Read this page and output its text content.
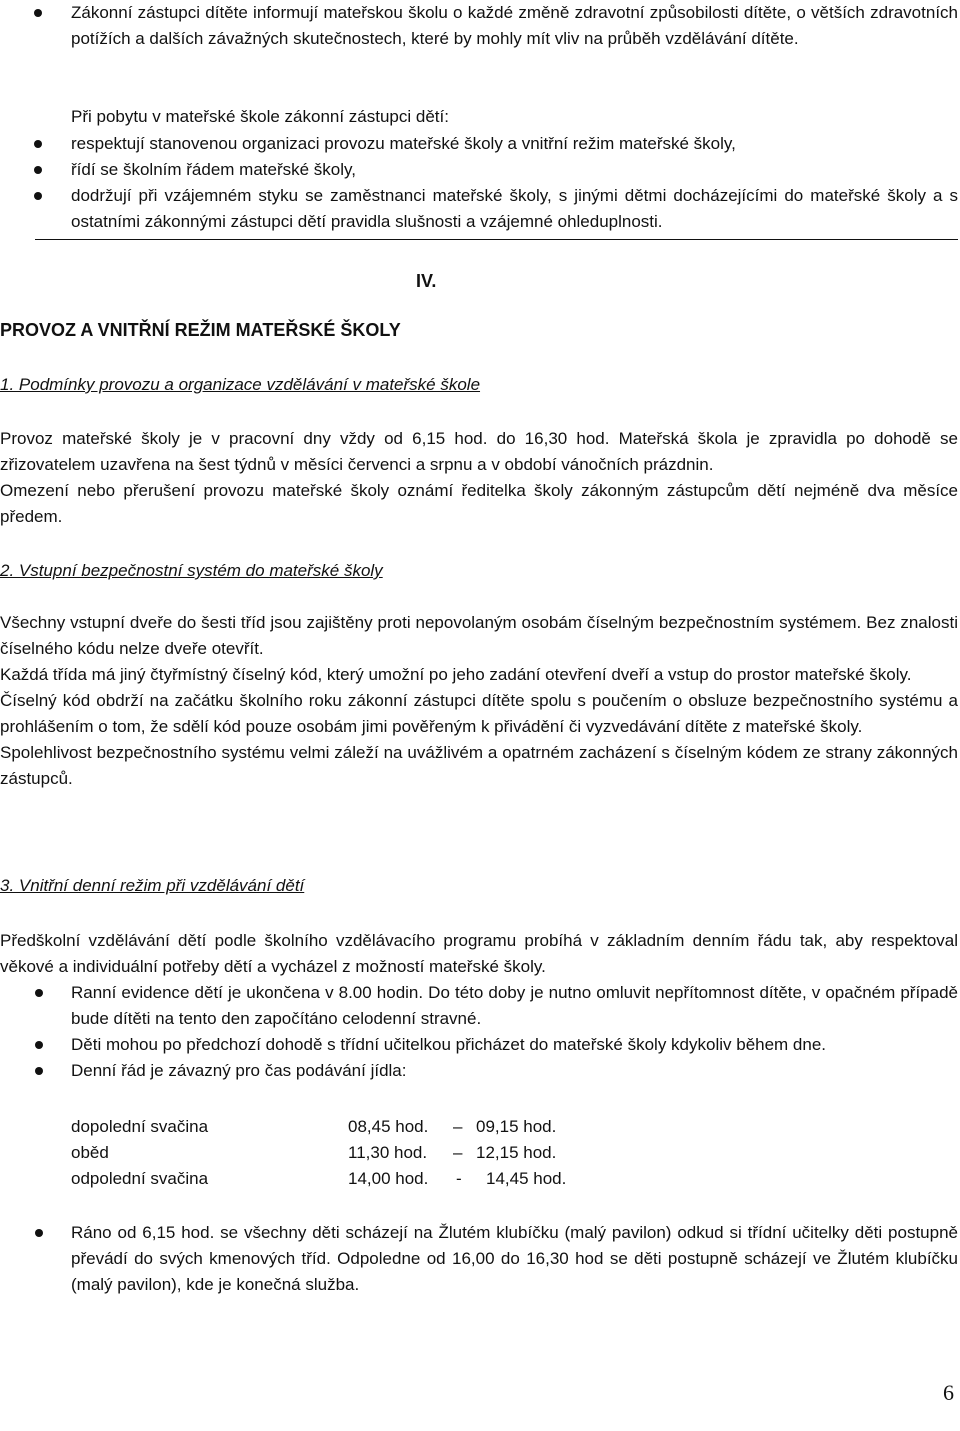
Zákonní zástupci dítěte informují mateřskou školu o každé změně zdravotní způsobilosti dítěte, o větších zdravotních potížích a dalších závažných skutečnostech, které by mohly mít vliv na průběh vzdělávání dítěte.

Při pobytu v mateřské škole zákonní zástupci dětí:

respektují stanovenou organizaci provozu mateřské školy a vnitřní režim mateřské školy,
řídí se školním řádem mateřské školy,
dodržují při vzájemném styku se zaměstnanci mateřské školy, s jinými dětmi docházejícími do mateřské školy a s ostatními zákonnými zástupci dětí pravidla slušnosti a vzájemné ohleduplnosti.
IV.
PROVOZ A VNITŘNÍ REŽIM MATEŘSKÉ ŠKOLY
1. Podmínky provozu a organizace vzdělávání v mateřské škole

Provoz mateřské školy je v pracovní dny vždy od 6,15 hod. do 16,30 hod. Mateřská škola je zpravidla po dohodě se zřizovatelem uzavřena na šest týdnů v měsíci červenci a srpnu a v období vánočních prázdnin.

Omezení nebo přerušení provozu mateřské školy oznámí ředitelka školy zákonným zástupcům dětí nejméně dva měsíce předem.

2. Vstupní bezpečnostní systém do mateřské školy

Všechny vstupní dveře do šesti tříd jsou zajištěny proti nepovolaným osobám číselným bezpečnostním systémem. Bez znalosti číselného kódu nelze dveře otevřít.

Každá třída má jiný čtyřmístný číselný kód, který umožní po jeho zadání otevření dveří a vstup do prostor mateřské školy.

Číselný kód obdrží na začátku školního roku zákonní zástupci dítěte spolu s poučením o obsluze bezpečnostního systému a prohlášením o tom, že sdělí kód pouze osobám jimi pověřeným k přivádění či vyzvedávání dítěte z mateřské školy.

Spolehlivost bezpečnostního systému velmi záleží na uvážlivém a opatrném zacházení s číselným kódem ze strany zákonných zástupců.

3. Vnitřní denní režim při vzdělávání dětí

Předškolní vzdělávání dětí podle školního vzdělávacího programu probíhá v základním denním řádu tak, aby respektoval věkové a individuální potřeby dětí a vycházel z možností mateřské školy.

Ranní evidence dětí je ukončena v 8.00 hodin. Do této doby je nutno omluvit nepřítomnost dítěte, v opačném případě bude dítěti na tento den započítáno celodenní stravné.
Děti mohou po předchozí dohodě s třídní učitelkou přicházet do mateřské školy kdykoliv během dne.
Denní řád je závazný pro čas podávání jídla:
dopolední svačina	08,45 hod. – 09,15 hod.
oběd	11,30 hod. – 12,15 hod.
odpolední svačina	14,00 hod. - 14,45 hod.
Ráno od 6,15 hod. se všechny děti scházejí na Žlutém klubíčku (malý pavilon) odkud si třídní učitelky děti postupně převádí do svých kmenových tříd. Odpoledne od 16,00 do 16,30 hod se děti postupně scházejí ve Žlutém klubíčku (malý pavilon), kde je konečná služba.
6
